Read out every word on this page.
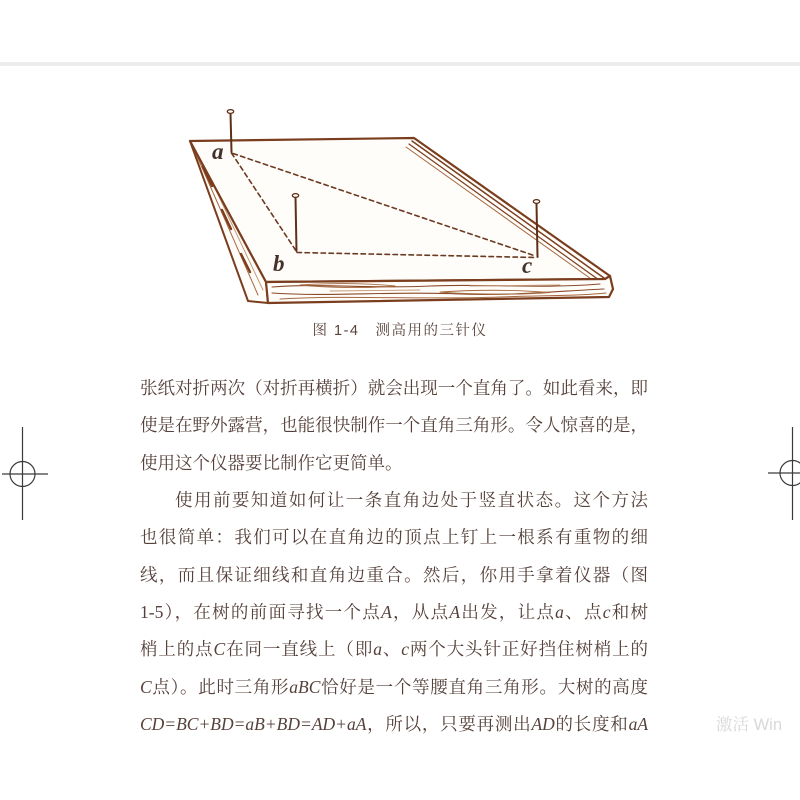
a
b	c
图 1-4　测高用的三针仪
张纸对折两次（对折再横折）就会出现一个直角了。如此看来，即
使是在野外露营，也能很快制作一个直角三角形。令人惊喜的是，
使用这个仪器要比制作它更简单。
使用前要知道如何让一条直角边处于竖直状态。这个方法
也很简单：我们可以在直角边的顶点上钉上一根系有重物的细
线，而且保证细线和直角边重合。然后，你用手拿着仪器（图
1-5），在树的前面寻找一个点A，从点A出发，让点a、点c和树
梢上的点C在同一直线上（即a、c两个大头针正好挡住树梢上的
C点）。此时三角形aBC恰好是一个等腰直角三角形。大树的高度
CD=BC+BD=aB+BD=AD+aA，所以，只要再测出AD的长度和aA	激活 Win
